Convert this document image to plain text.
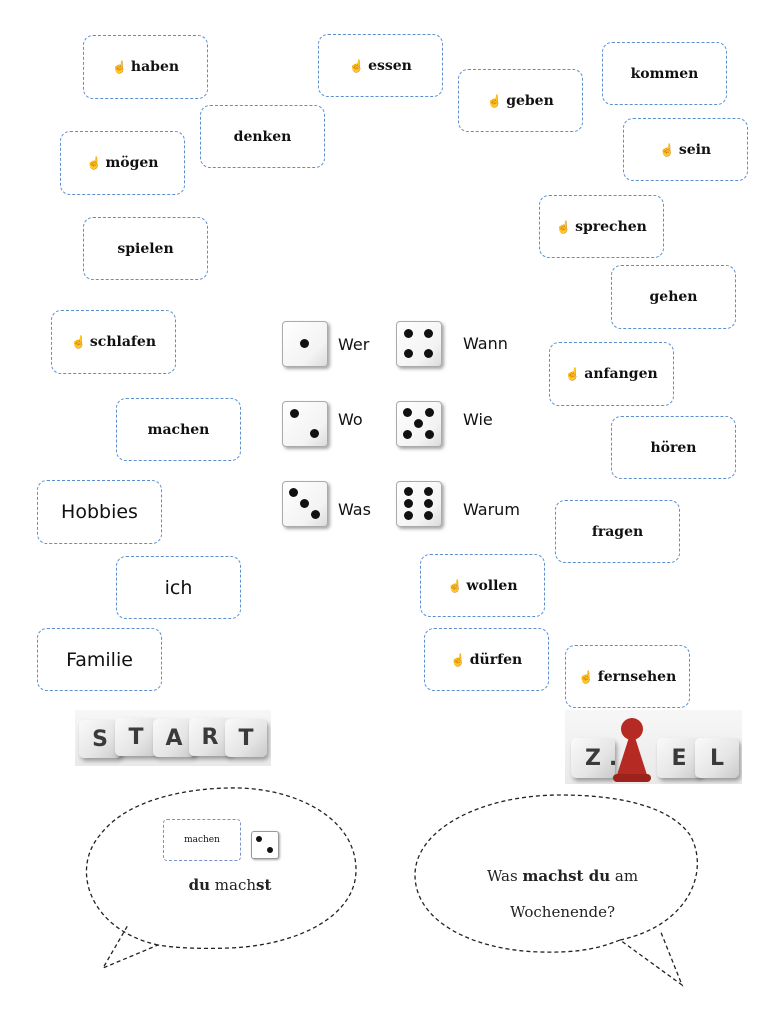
☝ haben	☝ essen
☝ geben
kommen
denken
☝ mögen
☝ sein
☝ sprechen
spielen
gehen
☝ schlafen
☝ anfangen
machen
hören
Hobbies
fragen
ich	☝ wollen
Familie	☝ dürfen
☝ fernsehen
Wer
Wo
Was
Wann
Wie
Warum
S T A R T
Z .	E	L
machen
du machst	Was machst du am
Wochenende?
